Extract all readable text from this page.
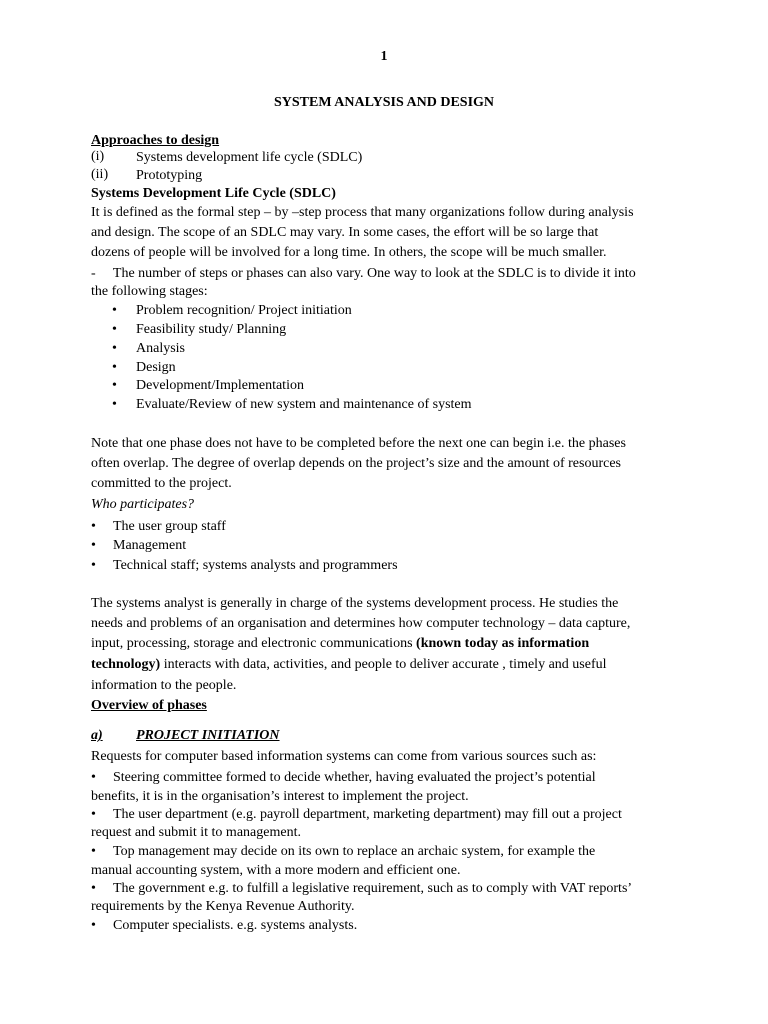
1
SYSTEM ANALYSIS AND DESIGN
Approaches to design
(i) Systems development life cycle (SDLC)
(ii) Prototyping
Systems Development Life Cycle (SDLC)
It is defined as the formal step – by –step process that many organizations follow during analysis
and design. The scope of an SDLC may vary. In some cases, the effort will be so large that
dozens of people will be involved for a long time. In others, the scope will be much smaller.
-     The number of steps or phases can also vary. One way to look at the SDLC is to divide it into
the following stages:
• Problem recognition/ Project initiation
• Feasibility study/ Planning
• Analysis
• Design
• Development/Implementation
• Evaluate/Review of new system and maintenance of system
Note that one phase does not have to be completed before the next one can begin i.e. the phases
often overlap. The degree of overlap depends on the project’s size and the amount of resources
committed to the project.
Who participates?
• The user group staff
• Management
• Technical staff; systems analysts and programmers
The systems analyst is generally in charge of the systems development process. He studies the
needs and problems of an organisation and determines how computer technology – data capture,
input, processing, storage and electronic communications (known today as information
technology) interacts with data, activities, and people to deliver accurate , timely and useful
information to the people.
Overview of phases
a) PROJECT INITIATION
Requests for computer based information systems can come from various sources such as:
• Steering committee formed to decide whether, having evaluated the project’s potential
benefits, it is in the organisation’s interest to implement the project.
• The user department (e.g. payroll department, marketing department) may fill out a project
request and submit it to management.
• Top management may decide on its own to replace an archaic system, for example the
manual accounting system, with a more modern and efficient one.
• The government e.g. to fulfill a legislative requirement, such as to comply with VAT reports’
requirements by the Kenya Revenue Authority.
• Computer specialists. e.g. systems analysts.
